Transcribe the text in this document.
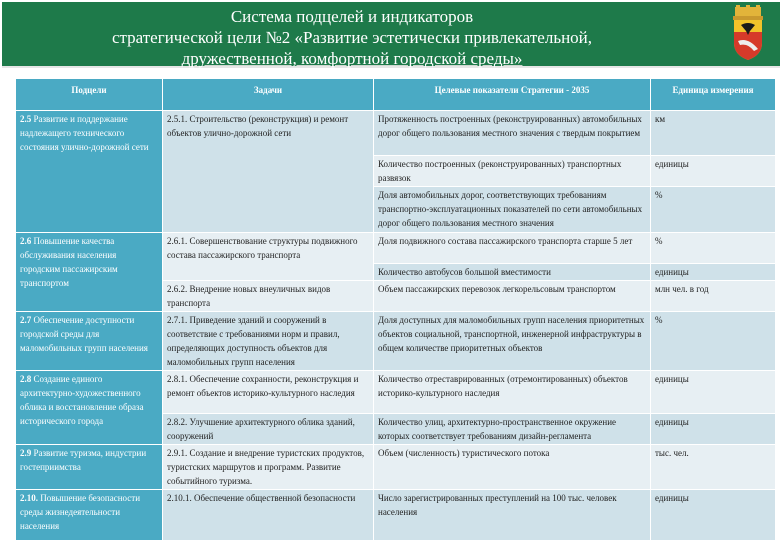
Система подцелей и индикаторов
стратегической цели №2 «Развитие эстетически привлекательной,
дружественной, комфортной городской среды»
Подцели	Задачи	Целевые показатели Стратегии - 2035	Единица измерения
2.5 Развитие и поддержание надлежащего технического состояния улично-дорожной сети	2.5.1. Строительство (реконструкция) и ремонт объектов улично-дорожной сети	Протяженность построенных (реконструированных) автомобильных дорог общего пользования местного значения с твердым покрытием	км
		Количество построенных (реконструированных) транспортных развязок	единицы
		Доля автомобильных дорог, соответствующих требованиям транспортно-эксплуатационных показателей по сети автомобильных дорог общего пользования местного значения	%
2.6 Повышение качества обслуживания населения городским пассажирским транспортом	2.6.1. Совершенствование структуры подвижного состава пассажирского транспорта	Доля подвижного состава пассажирского транспорта старше 5 лет	%
		Количество автобусов большой вместимости	единицы
	2.6.2. Внедрение новых внеуличных видов транспорта	Объем пассажирских перевозок легкорельсовым транспортом	млн чел. в год
2.7 Обеспечение доступности городской среды для маломобильных групп населения	2.7.1. Приведение зданий и сооружений в соответствие с требованиями норм и правил, определяющих доступность объектов для маломобильных групп населения	Доля доступных для маломобильных групп населения приоритетных объектов социальной, транспортной, инженерной инфраструктуры в общем количестве приоритетных объектов	%
2.8 Создание единого архитектурно-художественного облика и восстановление образа исторического города	2.8.1. Обеспечение сохранности, реконструкция и ремонт объектов историко-культурного наследия	Количество отреставрированных (отремонтированных) объектов историко-культурного наследия	единицы
	2.8.2. Улучшение архитектурного облика зданий, сооружений	Количество улиц, архитектурно-пространственное окружение которых соответствует требованиям дизайн-регламента	единицы
2.9 Развитие туризма, индустрии гостеприимства	2.9.1. Создание и внедрение туристских продуктов, туристских маршрутов и программ. Развитие событийного туризма.	Объем (численность) туристического потока	тыс. чел.
2.10. Повышение безопасности среды жизнедеятельности населения	2.10.1. Обеспечение общественной безопасности	Число зарегистрированных преступлений на 100 тыс. человек населения	единицы
